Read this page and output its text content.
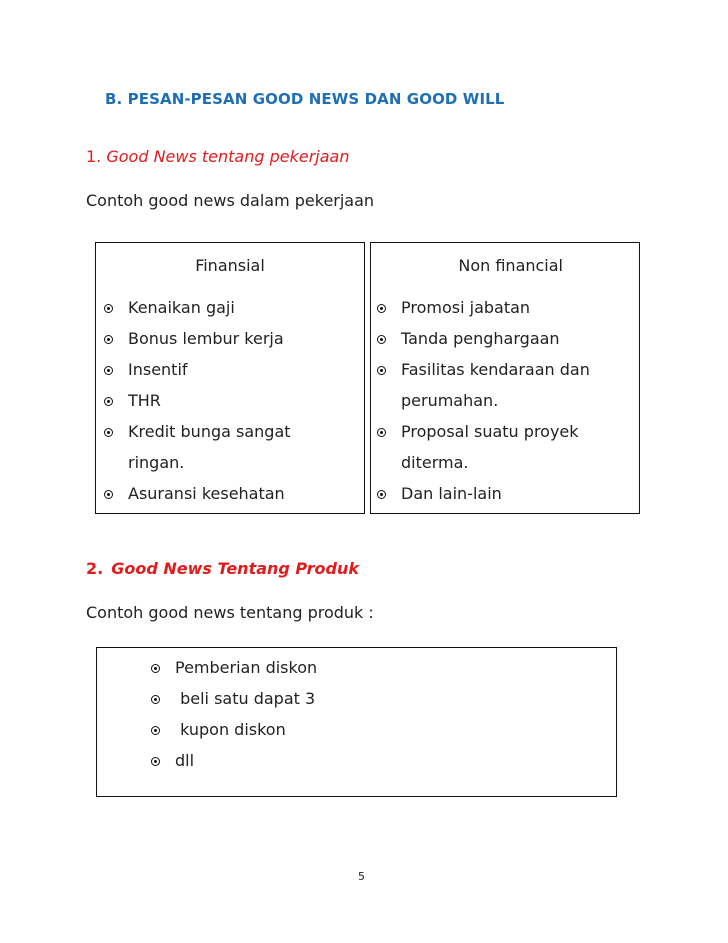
B. PESAN-PESAN GOOD NEWS DAN GOOD WILL
1. Good News tentang pekerjaan
Contoh good news dalam pekerjaan
Finansial
Kenaikan gaji
Bonus lembur kerja
Insentif
THR
Kredit bunga sangat
ringan.
Asuransi kesehatan
Non financial
Promosi jabatan
Tanda penghargaan
Fasilitas kendaraan dan
perumahan.
Proposal suatu proyek
diterma.
Dan lain-lain
2. Good News Tentang Produk
Contoh good news tentang produk :
Pemberian diskon
beli satu dapat 3
kupon diskon
dll
5
